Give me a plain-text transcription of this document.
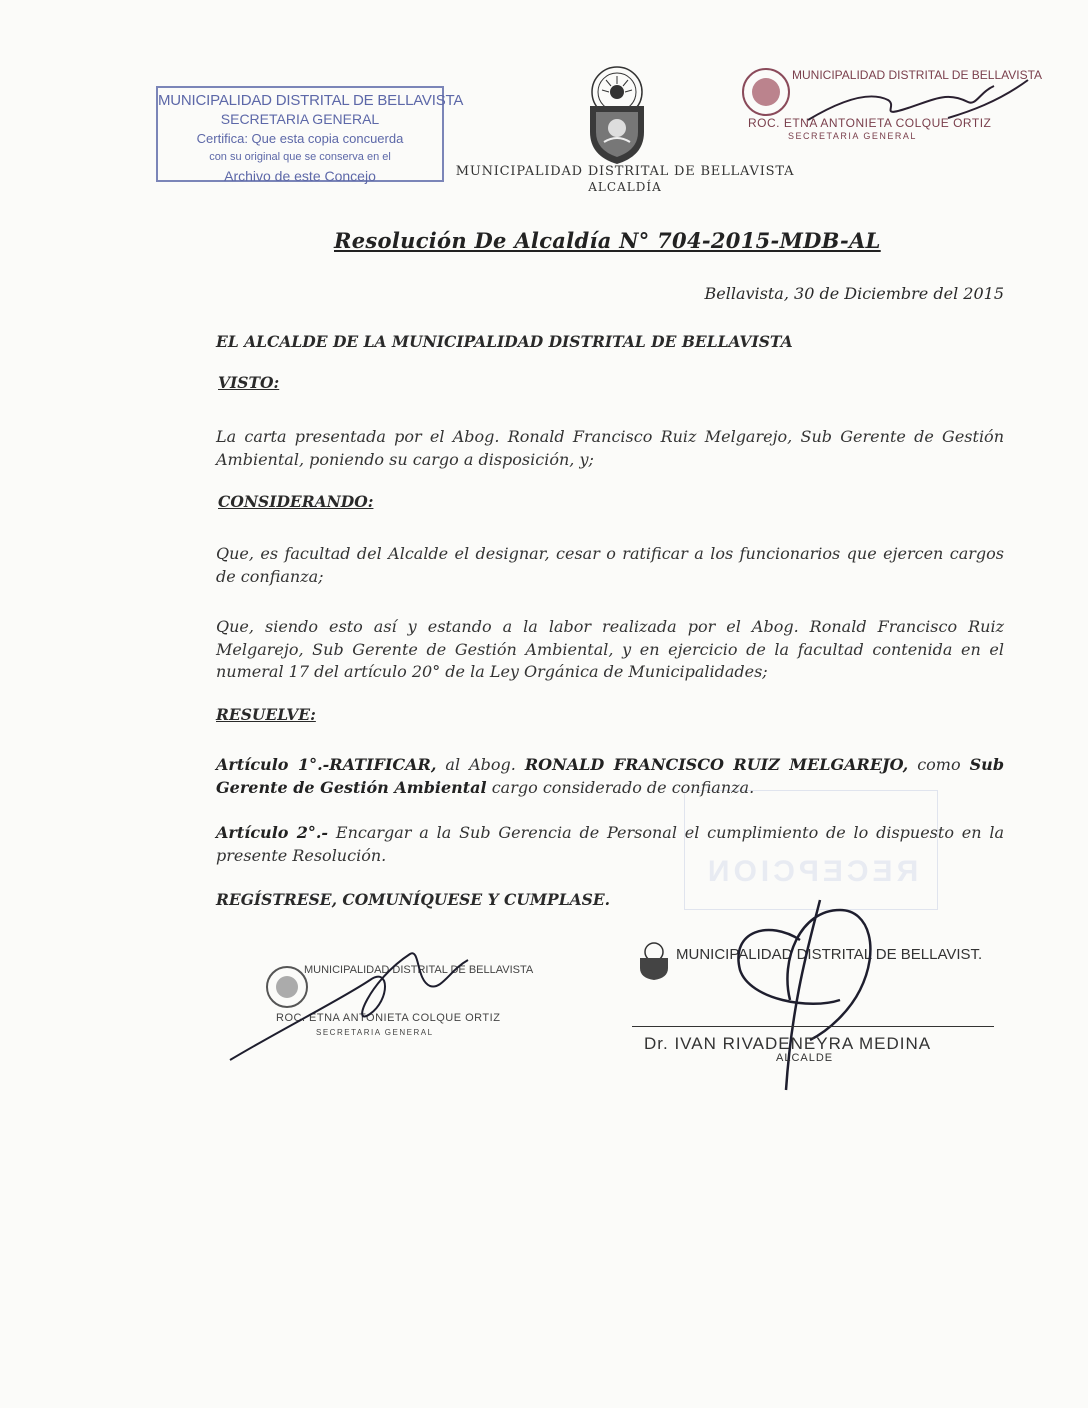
MUNICIPALIDAD DISTRITAL DE BELLAVISTA
SECRETARIA GENERAL
Certifica: Que esta copia concuerda
con su original que se conserva en el
Archivo de este Concejo	MUNICIPALIDAD DISTRITAL DE BELLAVISTA
ALCALDÍA
MUNICIPALIDAD DISTRITAL DE BELLAVISTA
ROC. ETNA ANTONIETA COLQUE ORTIZ
SECRETARIA GENERAL
Resolución De Alcaldía N° 704-2015-MDB-AL
Bellavista, 30 de Diciembre del 2015
EL ALCALDE DE LA MUNICIPALIDAD DISTRITAL DE BELLAVISTA
VISTO:
La carta presentada por el Abog. Ronald Francisco Ruiz Melgarejo, Sub Gerente de Gestión Ambiental, poniendo su cargo a disposición, y;
CONSIDERANDO:
Que, es facultad del Alcalde el designar, cesar o ratificar a los funcionarios que ejercen cargos de confianza;
Que, siendo esto así y estando a la labor realizada por el Abog. Ronald Francisco Ruiz Melgarejo, Sub Gerente de Gestión Ambiental, y en ejercicio de la facultad contenida en el numeral 17 del artículo 20° de la Ley Orgánica de Municipalidades;
RESUELVE:
RECEPCION
Artículo 1°.-RATIFICAR, al Abog. RONALD FRANCISCO RUIZ MELGAREJO, como Sub Gerente de Gestión Ambiental cargo considerado de confianza.
Artículo 2°.- Encargar a la Sub Gerencia de Personal el cumplimiento de lo dispuesto en la presente Resolución.
REGÍSTRESE, COMUNÍQUESE Y CUMPLASE.
MUNICIPALIDAD DISTRITAL DE BELLAVISTA
ROC. ETNA ANTONIETA COLQUE ORTIZ
SECRETARIA GENERAL
MUNICIPALIDAD DISTRITAL DE BELLAVIST.
Dr. IVAN RIVADENEYRA MEDINA
ALCALDE
